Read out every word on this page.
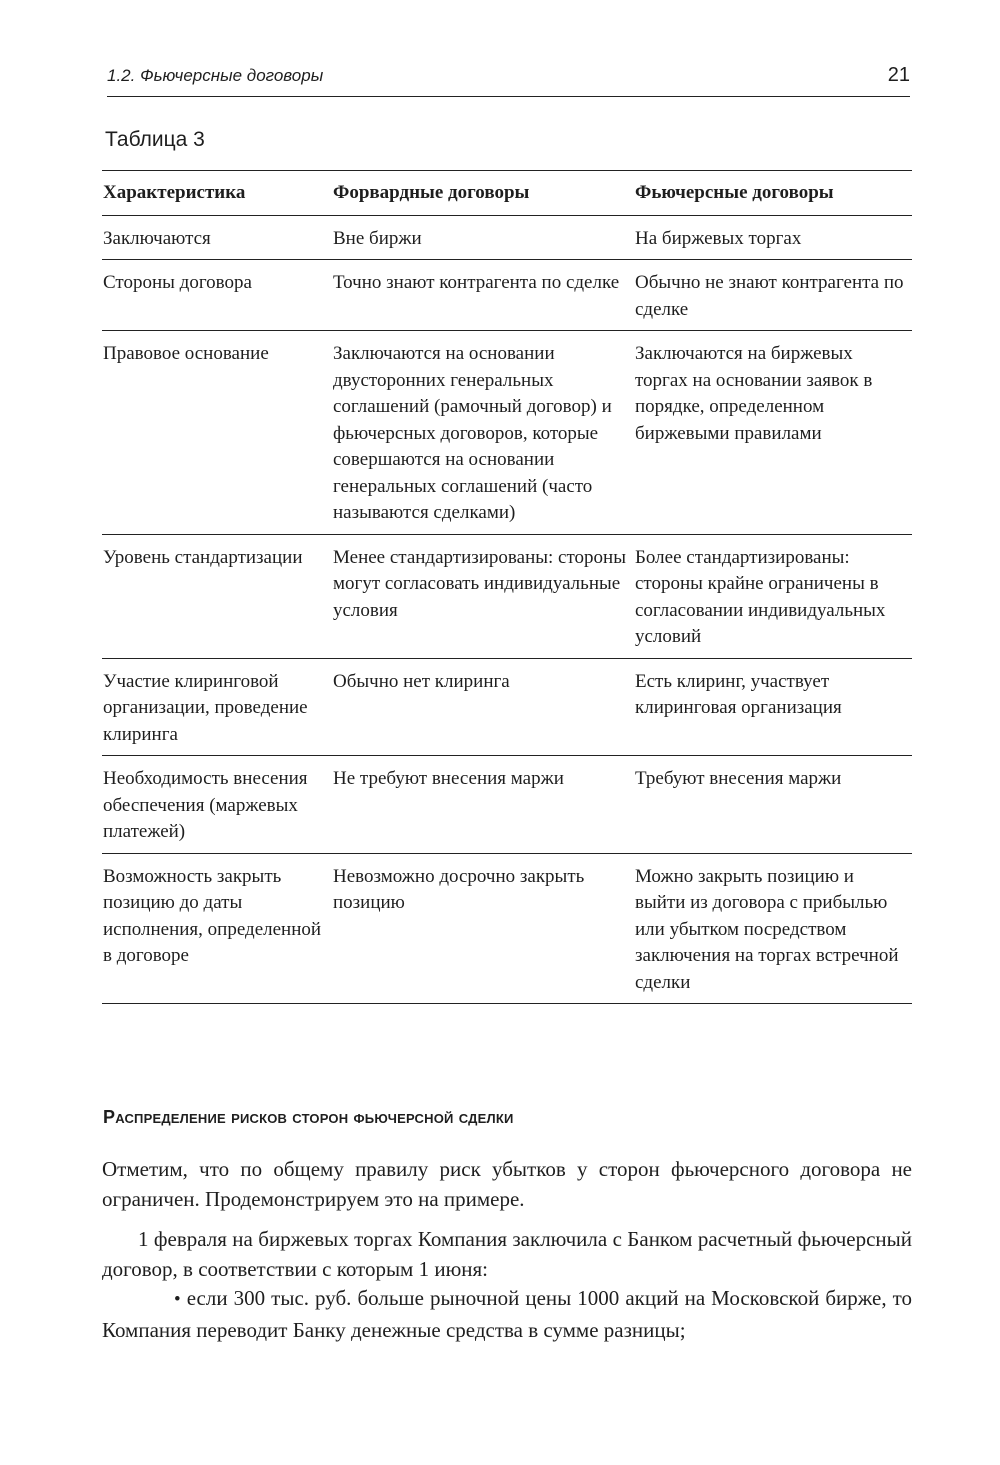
1.2. Фьючерсные договоры	21
Таблица 3
Характеристика	Форвардные договоры	Фьючерсные договоры
Заключаются	Вне биржи	На биржевых торгах
Стороны договора	Точно знают контрагента по сделке	Обычно не знают контрагента по сделке
Правовое основание	Заключаются на основании двусторонних генеральных соглашений (рамочный договор) и фьючерсных договоров, которые совершаются на основании генеральных соглашений (часто называются сделками)	Заключаются на биржевых торгах на основании заявок в порядке, определенном биржевыми правилами
Уровень стандартизации	Менее стандартизированы: стороны могут согласовать индивидуальные условия	Более стандартизированы: стороны крайне ограничены в согласовании индивидуальных условий
Участие клиринговой организации, проведение клиринга	Обычно нет клиринга	Есть клиринг, участвует клиринговая организация
Необходимость внесения обеспечения (маржевых платежей)	Не требуют внесения маржи	Требуют внесения маржи
Возможность закрыть позицию до даты исполнения, определенной в договоре	Невозможно досрочно закрыть позицию	Можно закрыть позицию и выйти из договора с прибылью или убытком посредством заключения на торгах встречной сделки
Распределение рисков сторон фьючерсной сделки

Отметим, что по общему правилу риск убытков у сторон фьючерсного договора не ограничен. Продемонстрируем это на примере.

1 февраля на биржевых торгах Компания заключила с Банком расчетный фьючерсный договор, в соответствии с которым 1 июня:

• если 300 тыс. руб. больше рыночной цены 1000 акций на Московской бирже, то Компания переводит Банку денежные средства в сумме разницы;
